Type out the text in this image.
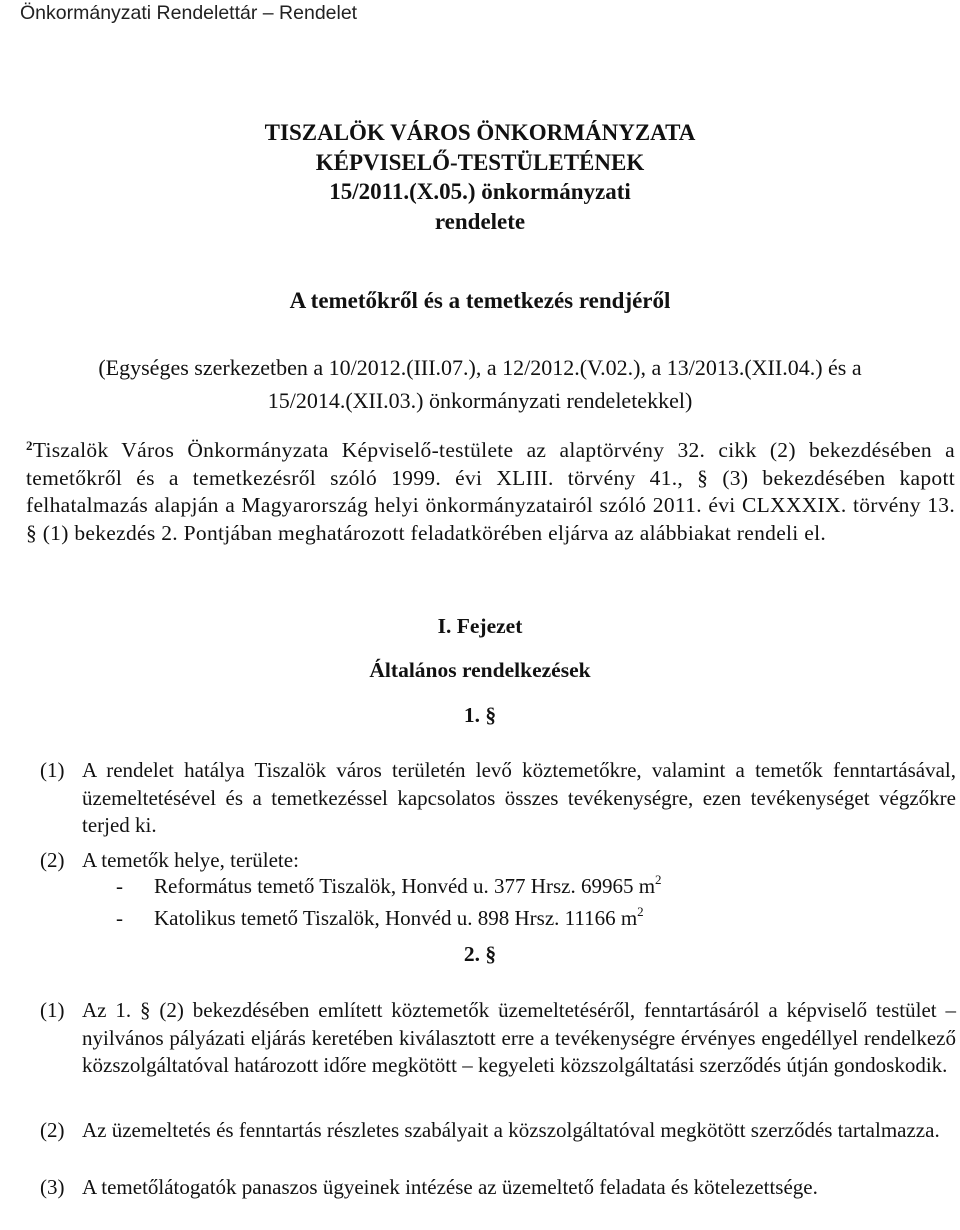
Önkormányzati Rendelettár – Rendelet
TISZALÖK VÁROS ÖNKORMÁNYZATA
KÉPVISELŐ-TESTÜLETÉNEK
15/2011.(X.05.) önkormányzati
rendelete
A temetőkről és a temetkezés rendjéről
(Egységes szerkezetben a 10/2012.(III.07.), a 12/2012.(V.02.), a 13/2013.(XII.04.) és a
15/2014.(XII.03.) önkormányzati rendeletekkel)
$^2$Tiszalök Város Önkormányzata Képviselő-testülete az alaptörvény 32. cikk (2) bekezdésében a temetőkről és a temetkezésről szóló 1999. évi XLIII. törvény 41., § (3) bekezdésében kapott felhatalmazás alapján a Magyarország helyi önkormányzatairól szóló 2011. évi CLXXXIX. törvény 13. § (1) bekezdés 2. Pontjában meghatározott feladatkörében eljárva az alábbiakat rendeli el.
I. Fejezet
Általános rendelkezések
1. §
(1) A rendelet hatálya Tiszalök város területén levő köztemetőkre, valamint a temetők fenntartásával, üzemeltetésével és a temetkezéssel kapcsolatos összes tevékenységre, ezen tevékenységet végzőkre terjed ki.
(2) A temetők helye, területe:
- Református temető Tiszalök, Honvéd u. 377 Hrsz. 69965 $m^2$
- Katolikus temető Tiszalök, Honvéd u. 898 Hrsz. 11166 $m^2$
2. §
(1) Az 1. § (2) bekezdésében említett köztemetők üzemeltetéséről, fenntartásáról a képviselő testület – nyilvános pályázati eljárás keretében kiválasztott erre a tevékenységre érvényes engedéllyel rendelkező közszolgáltatóval határozott időre megkötött – kegyeleti közszolgáltatási szerződés útján gondoskodik.
(2) Az üzemeltetés és fenntartás részletes szabályait a közszolgáltatóval megkötött szerződés tartalmazza.
(3) A temetőlátogatók panaszos ügyeinek intézése az üzemeltető feladata és kötelezettsége.
